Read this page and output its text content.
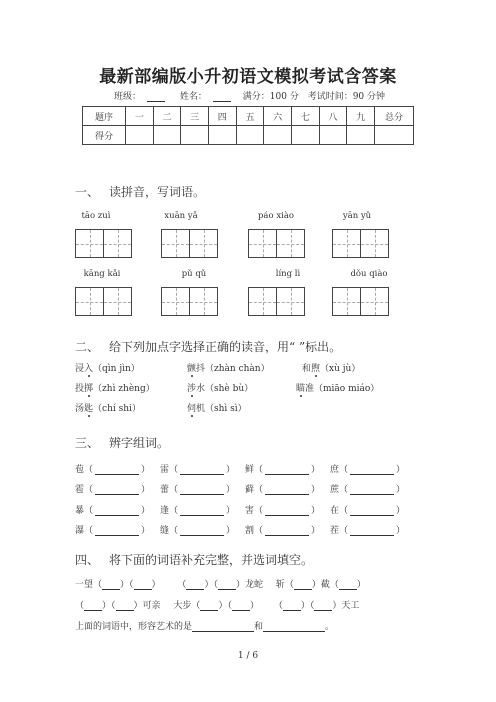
最新部编版小升初语文模拟考试含答案
班级：	姓名：	满分：100 分 考试时间：90 分钟
题序	一	二	三	四	五	六	七	八	九	总分
得分										
一、 读拼音，写词语。
tāo zuì	xuān yǎ	páo xiào	yān yǔ
kāng kǎi	pǔ qǔ	líng lì	dǒu qiào
二、 给下列加点字选择正确的读音，用“ ”标出。
浸入（qìn jìn）	颤抖（zhàn chàn）	和煦（xù jù）
投掷（zhì zhèng）	涉水（shè bù）	瞄准（miāo miáo）
汤匙（chí shi）	伺机（shì sì）
三、 辨字组词。
苞（	） 雷（	） 鲜（	） 庶（	）
雹（	） 蕾（	） 藓（	） 蔗（	）
暴（	） 逢（	） 害（	） 在（	）
瀑（	） 缝（	） 割（	） 茬（	）
四、 将下面的词语补充完整，并选词填空。
一望（ ）（ ） （ ）（ ）龙蛇 斩（ ）截（ ）
（ ）（ ）可亲 大步（ ）（ ） （ ）（ ）天工
上面的词语中，形容艺术的是	和	。
1 / 6
